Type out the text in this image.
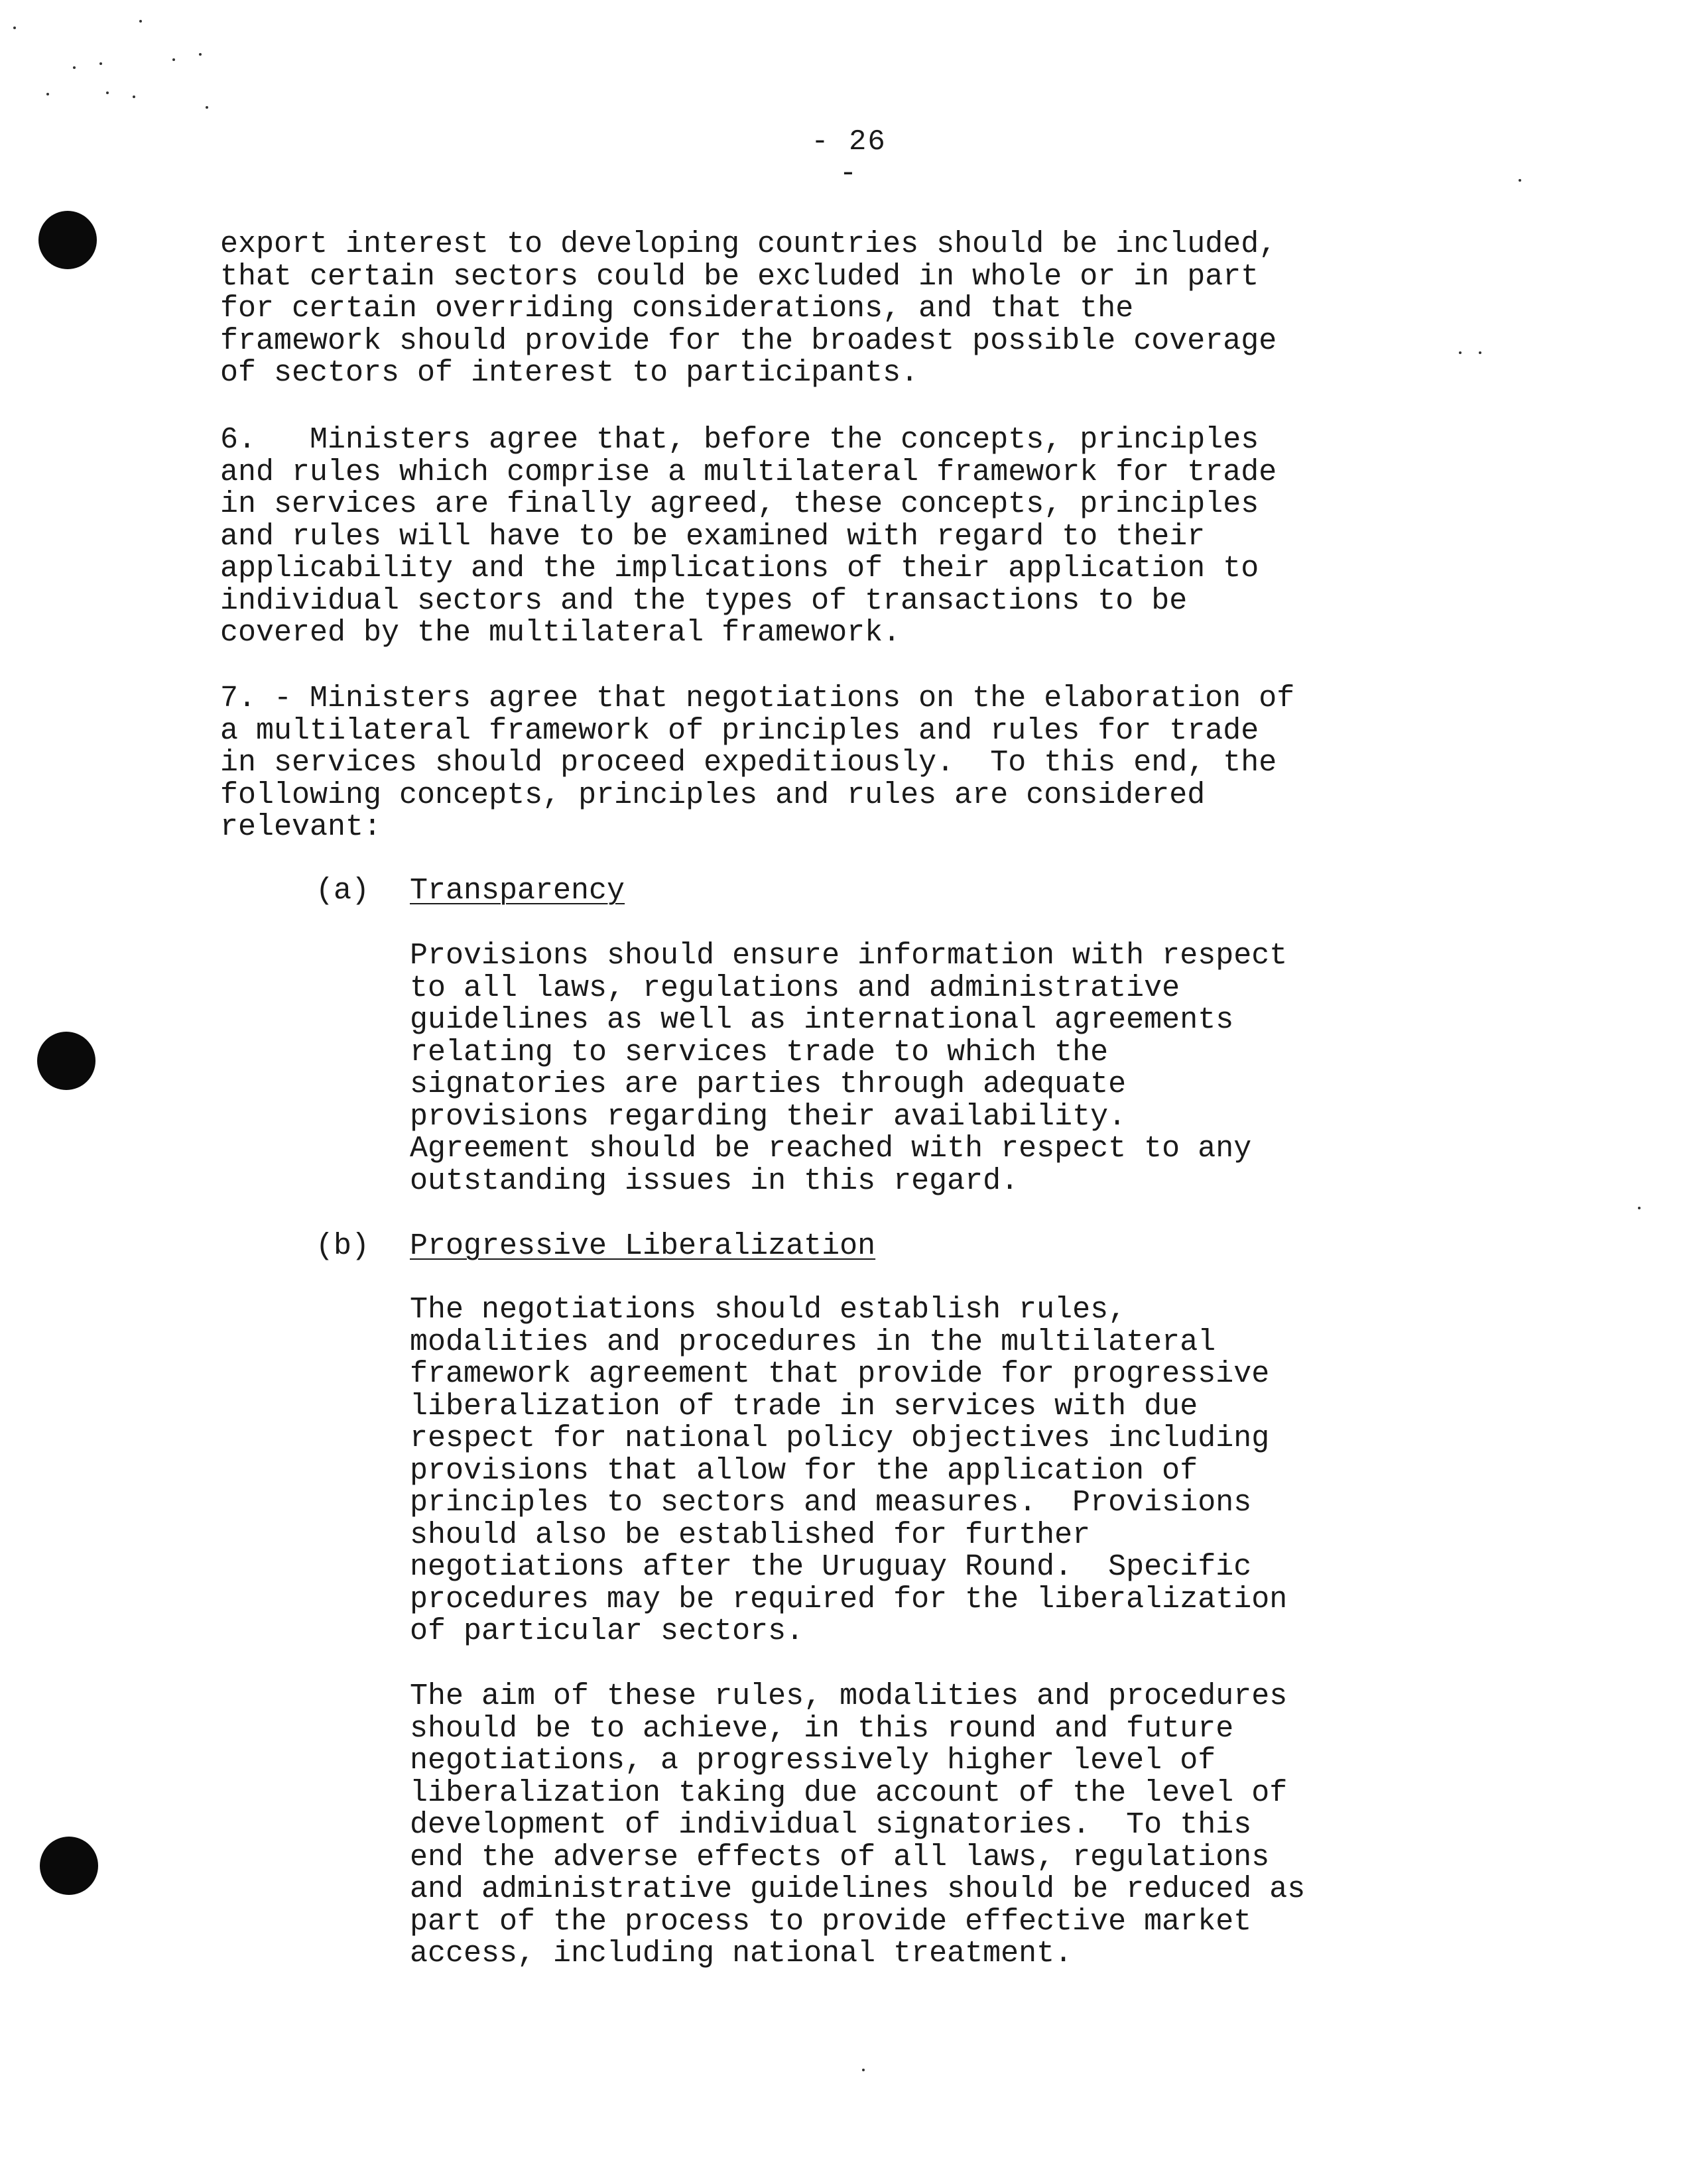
- 26 -
export interest to developing countries should be included,
that certain sectors could be excluded in whole or in part
for certain overriding considerations, and that the
framework should provide for the broadest possible coverage
of sectors of interest to participants.
6.   Ministers agree that, before the concepts, principles
and rules which comprise a multilateral framework for trade
in services are finally agreed, these concepts, principles
and rules will have to be examined with regard to their
applicability and the implications of their application to
individual sectors and the types of transactions to be
covered by the multilateral framework.
7. - Ministers agree that negotiations on the elaboration of
a multilateral framework of principles and rules for trade
in services should proceed expeditiously.  To this end, the
following concepts, principles and rules are considered
relevant:
(a) Transparency
Provisions should ensure information with respect
to all laws, regulations and administrative
guidelines as well as international agreements
relating to services trade to which the
signatories are parties through adequate
provisions regarding their availability.
Agreement should be reached with respect to any
outstanding issues in this regard.
(b) Progressive Liberalization
The negotiations should establish rules,
modalities and procedures in the multilateral
framework agreement that provide for progressive
liberalization of trade in services with due
respect for national policy objectives including
provisions that allow for the application of
principles to sectors and measures.  Provisions
should also be established for further
negotiations after the Uruguay Round.  Specific
procedures may be required for the liberalization
of particular sectors.
The aim of these rules, modalities and procedures
should be to achieve, in this round and future
negotiations, a progressively higher level of
liberalization taking due account of the level of
development of individual signatories.  To this
end the adverse effects of all laws, regulations
and administrative guidelines should be reduced as
part of the process to provide effective market
access, including national treatment.
